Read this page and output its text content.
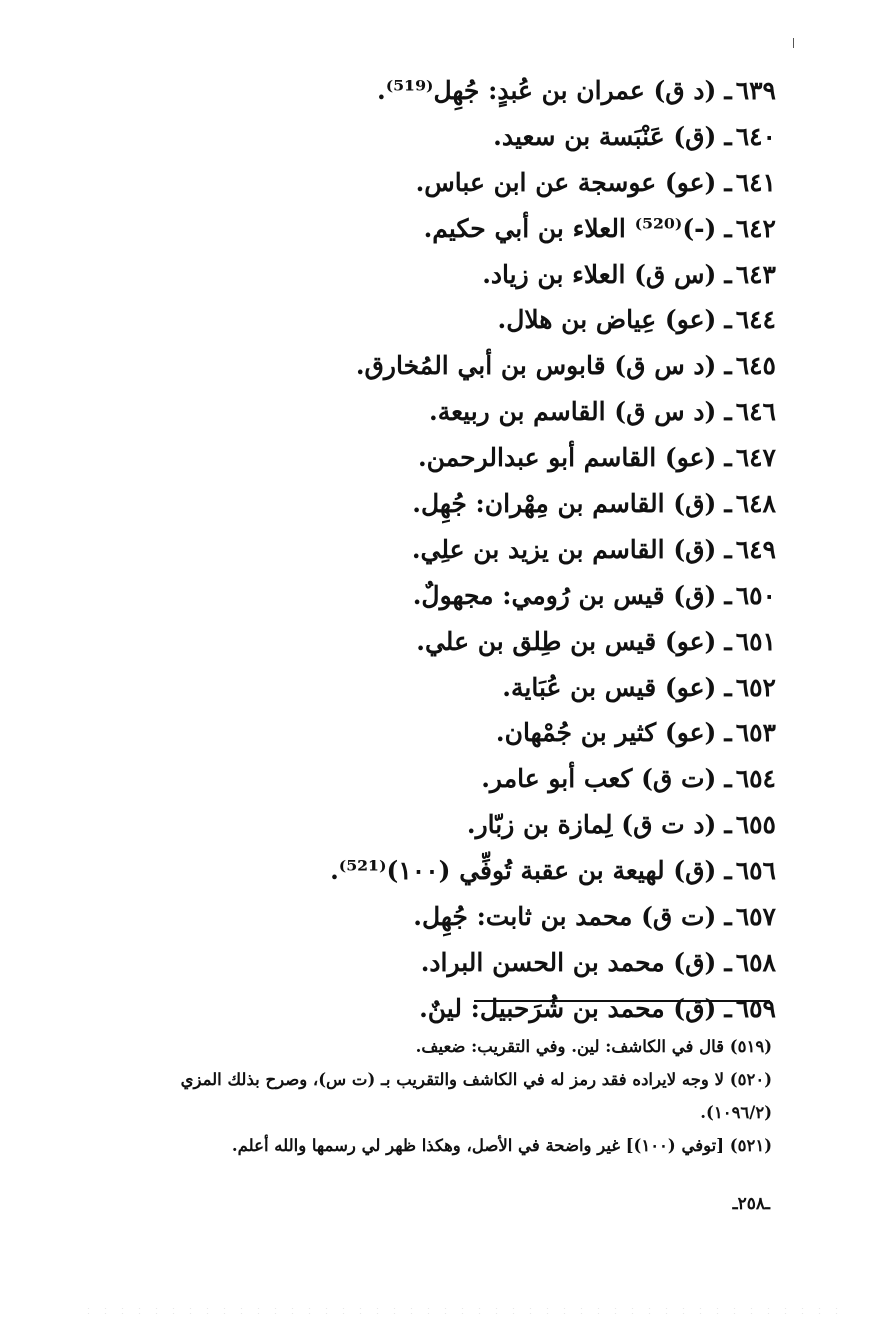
٦٣٩ـ(د ق) عمران بن عُبدٍ: جُهِل⁽⁵¹⁹⁾.
٦٤٠ـ(ق) عَنْبَسة بن سعيد.
٦٤١ـ(عو) عوسجة عن ابن عباس.
٦٤٢ـ(-)⁽⁵²⁰⁾ العلاء بن أبي حكيم.
٦٤٣ـ(س ق) العلاء بن زياد.
٦٤٤ـ(عو) عِياض بن هلال.
٦٤٥ـ(د س ق) قابوس بن أبي المُخارق.
٦٤٦ـ(د س ق) القاسم بن ربيعة.
٦٤٧ـ(عو) القاسم أبو عبدالرحمن.
٦٤٨ـ(ق) القاسم بن مِهْران: جُهِل.
٦٤٩ـ(ق) القاسم بن يزيد بن علِي.
٦٥٠ـ(ق) قيس بن رُومي: مجهولٌ.
٦٥١ـ(عو) قيس بن طِلق بن علي.
٦٥٢ـ(عو) قيس بن عُبَاية.
٦٥٣ـ(عو) كثير بن جُمْهان.
٦٥٤ـ(ت ق) كعب أبو عامر.
٦٥٥ـ(د ت ق) لِمازة بن زبّار.
٦٥٦ـ(ق) لهيعة بن عقبة تُوفِّي (١٠٠)⁽⁵²¹⁾.
٦٥٧ـ(ت ق) محمد بن ثابت: جُهِل.
٦٥٨ـ(ق) محمد بن الحسن البراد.
٦٥٩ـ(ق) محمد بن شُرَحبيل: لينٌ.

(٥١٩) قال في الكاشف: لين. وفي التقريب: ضعيف.

(٥٢٠) لا وجه لايراده فقد رمز له في الكاشف والتقريب بـ (ت س)، وصرح بذلك المزي

(١٠٩٦/٢).

(٥٢١) [توفي (١٠٠)] غير واضحة في الأصل، وهكذا ظهر لي رسمها والله أعلم.

ـ٢٥٨ـ
